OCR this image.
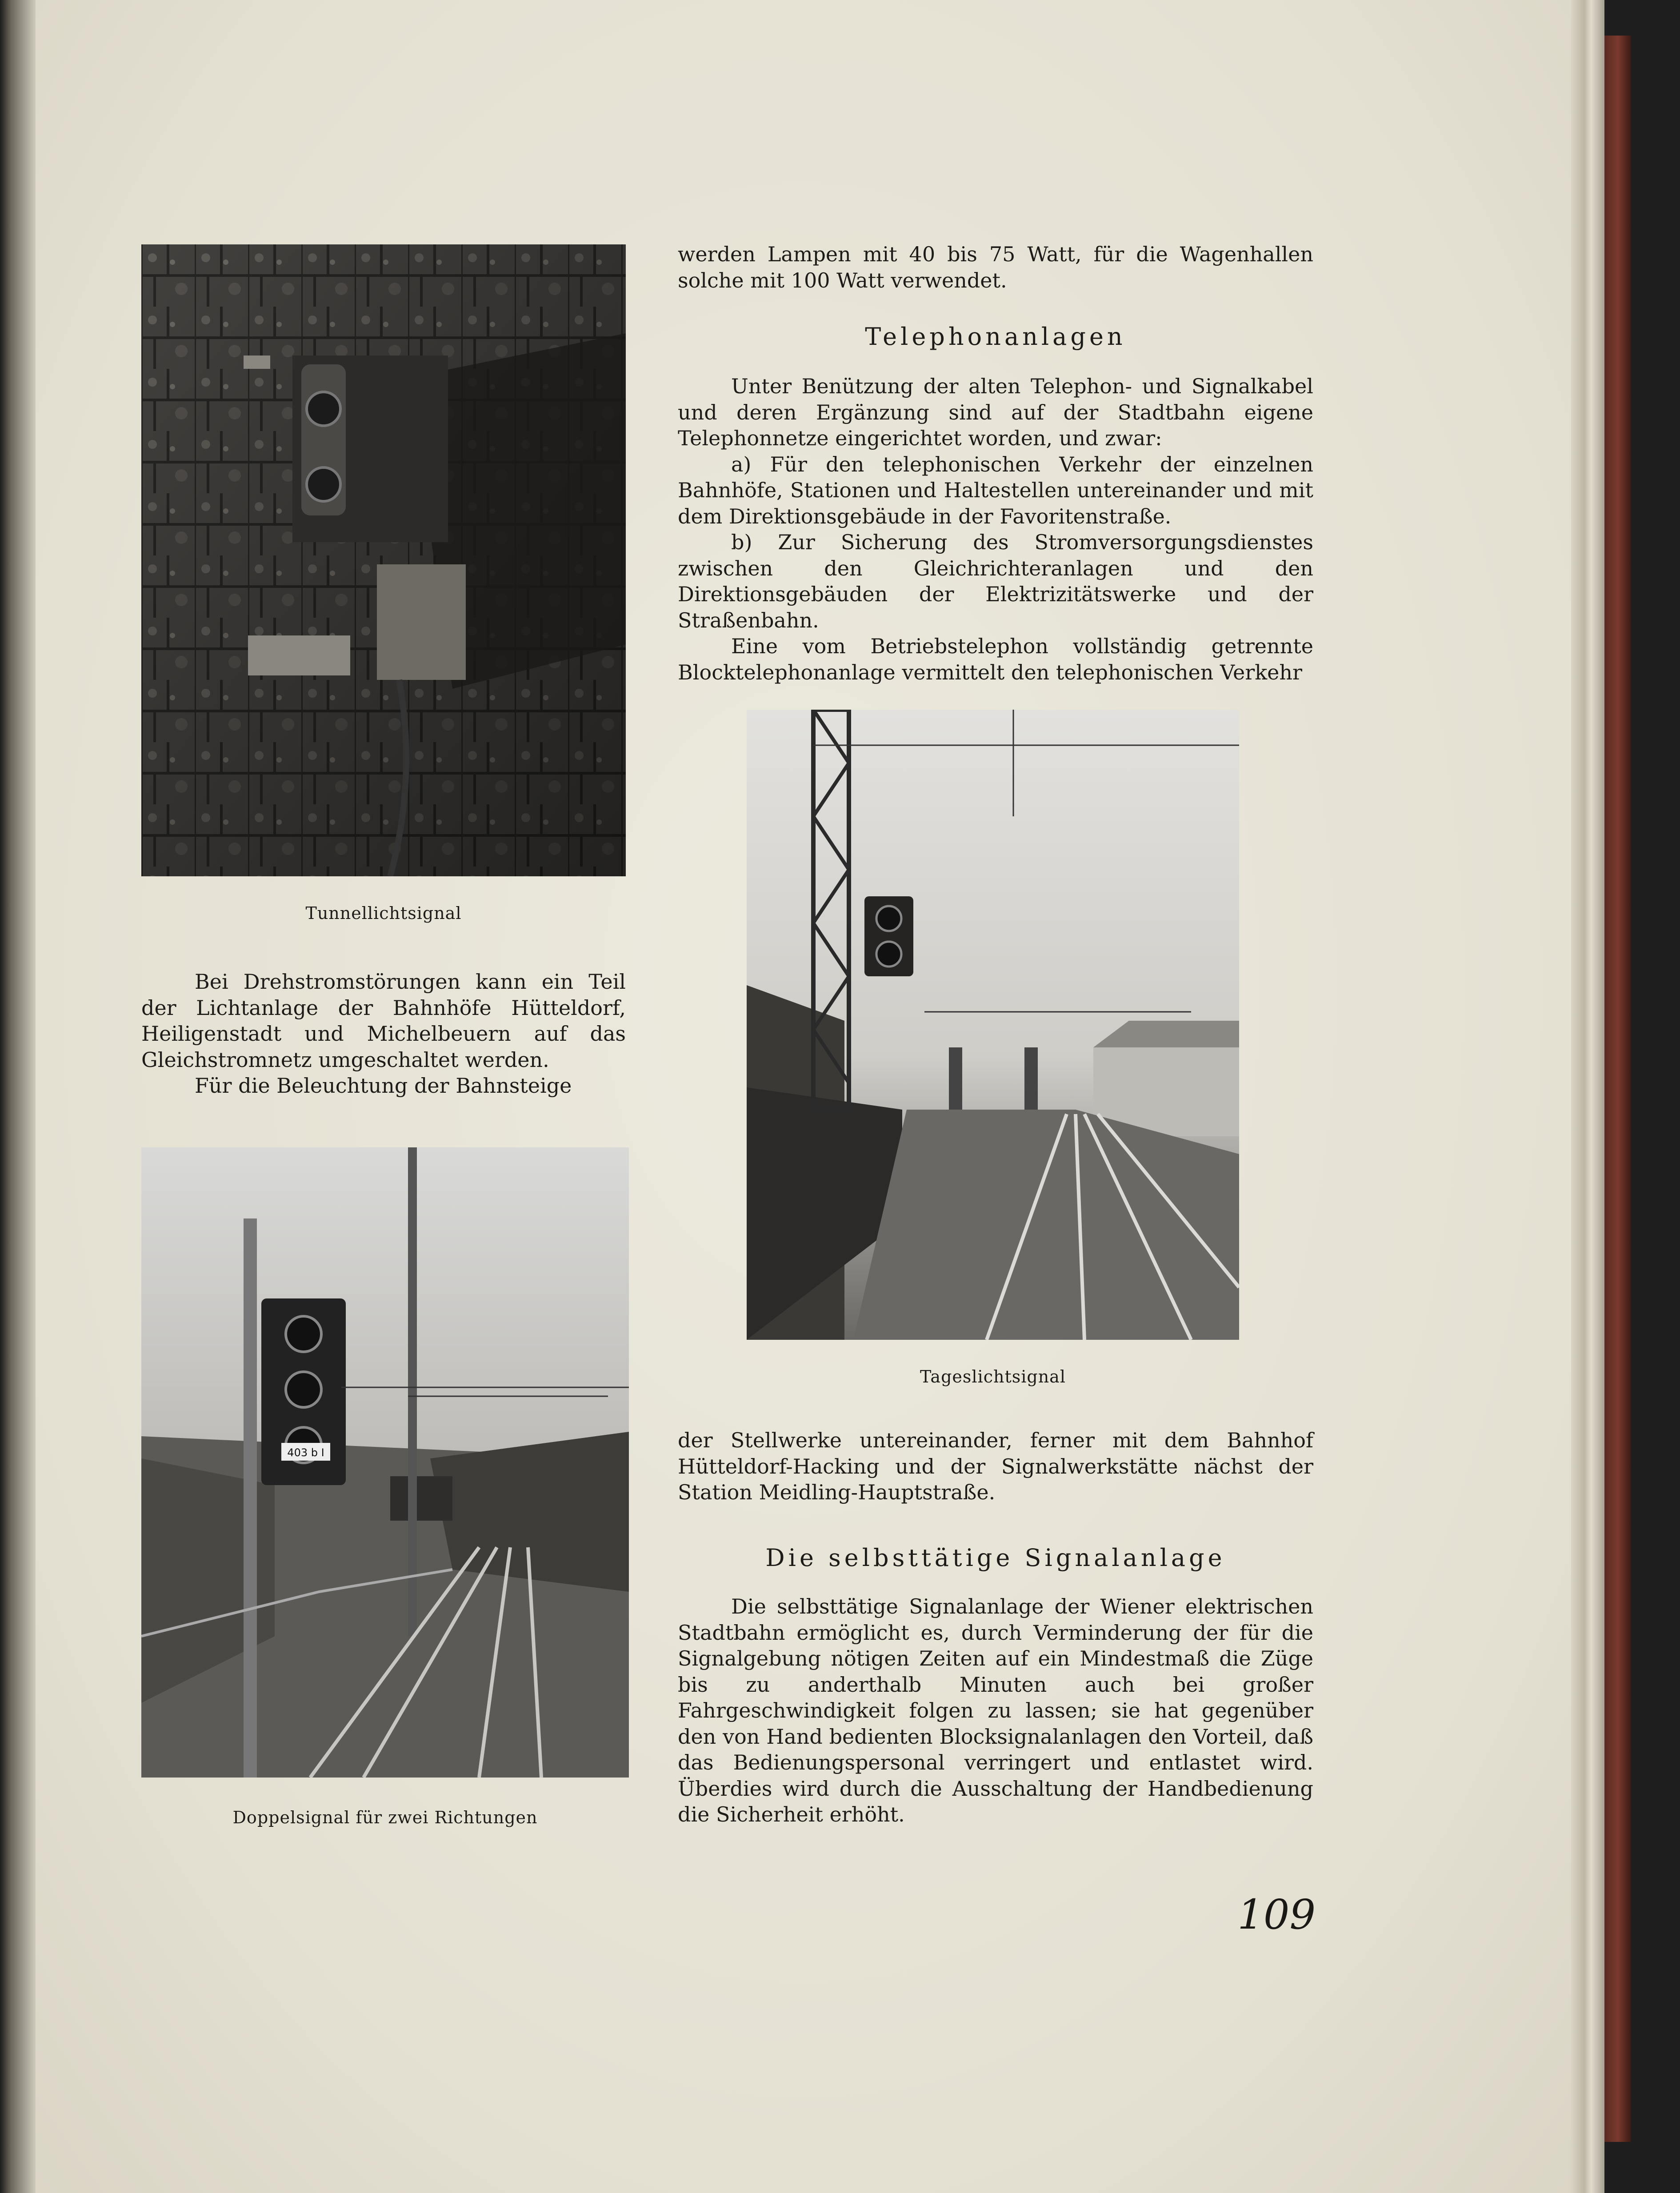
Tunnellichtsignal

Bei Drehstromstörungen kann ein Teil der Lichtanlage der Bahnhöfe Hütteldorf, Heiligenstadt und Michelbeuern auf das Gleichstromnetz umgeschaltet werden.

Für die Beleuchtung der Bahnsteige

403 b I
Doppelsignal für zwei Richtungen

werden Lampen mit 40 bis 75 Watt, für die Wagenhallen solche mit 100 Watt verwendet.

Telephonanlagen

Unter Benützung der alten Telephon- und Signalkabel und deren Ergänzung sind auf der Stadtbahn eigene Telephonnetze eingerichtet worden, und zwar:

a) Für den telephonischen Verkehr der einzelnen Bahnhöfe, Stationen und Haltestellen untereinander und mit dem Direktionsgebäude in der Favoritenstraße.

b) Zur Sicherung des Stromversorgungsdienstes zwischen den Gleichrichteranlagen und den Direktionsgebäuden der Elektrizitätswerke und der Straßenbahn.

Eine vom Betriebstelephon vollständig getrennte Blocktelephonanlage vermittelt den telephonischen Verkehr

Tageslichtsignal

der Stellwerke untereinander, ferner mit dem Bahnhof Hütteldorf-Hacking und der Signalwerkstätte nächst der Station Meidling-Hauptstraße.

Die selbsttätige Signalanlage

Die selbsttätige Signalanlage der Wiener elektrischen Stadtbahn ermöglicht es, durch Verminderung der für die Signalgebung nötigen Zeiten auf ein Mindestmaß die Züge bis zu anderthalb Minuten auch bei großer Fahrgeschwindigkeit folgen zu lassen; sie hat gegenüber den von Hand bedienten Blocksignalanlagen den Vorteil, daß das Bedienungspersonal verringert und entlastet wird. Überdies wird durch die Ausschaltung der Handbedienung die Sicherheit erhöht.

109
